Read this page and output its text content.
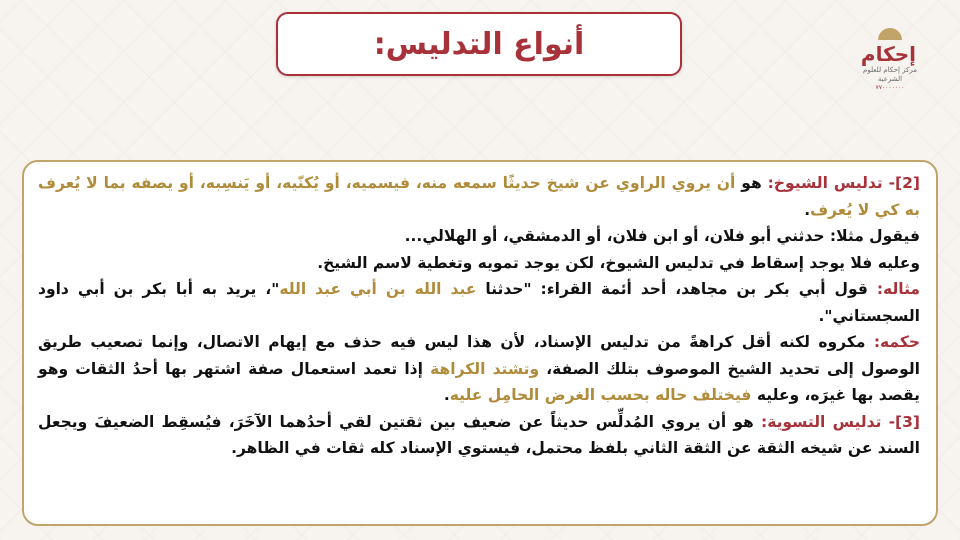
أنواع التدليس:	إحكام
مركز إحكام للعلوم الشرعية
٧٧٠٠٠٠٠٠٠

[2]- تدليس الشيوخ: هو أن يروي الراوي عن شيخ حديثًا سمعه منه، فيسميه، أو يُكنّيه، أو يَنسِبه، أو يصفه بما لا يُعرف به كي لا يُعرف.

فيقول مثلا: حدثني أبو فلان، أو ابن فلان، أو الدمشقي، أو الهلالي...

وعليه فلا يوجد إسقاط في تدليس الشيوخ، لكن يوجد تمويه وتغطية لاسم الشيخ.

مثاله: قول أبي بكر بن مجاهد، أحد أئمة القراء: "حدثنا عبد الله بن أبي عبد الله"، يريد به أبا بكر بن أبي داود السجستاني".

حكمه: مكروه لكنه أقل كراهةً من تدليس الإسناد، لأن هذا ليس فيه حذف مع إيهام الاتصال، وإنما تصعيب طريق الوصول إلى تحديد الشيخ الموصوف بتلك الصفة، وتشتد الكراهة إذا تعمد استعمال صفة اشتهر بها أحدُ الثقات وهو يقصد بها غيرَه، وعليه فيختلف حاله بحسب الغرض الحامِل عليه.

[3]- تدليس التسوية: هو أن يروي المُدلِّس حديثاً عن ضعيف بين ثقتين لقي أحدُهما الآخَرَ، فيُسقِط الضعيفَ ويجعل السند عن شيخه الثقة عن الثقة الثاني بلفظ محتمل، فيستوي الإسناد كله ثقات في الظاهر.
